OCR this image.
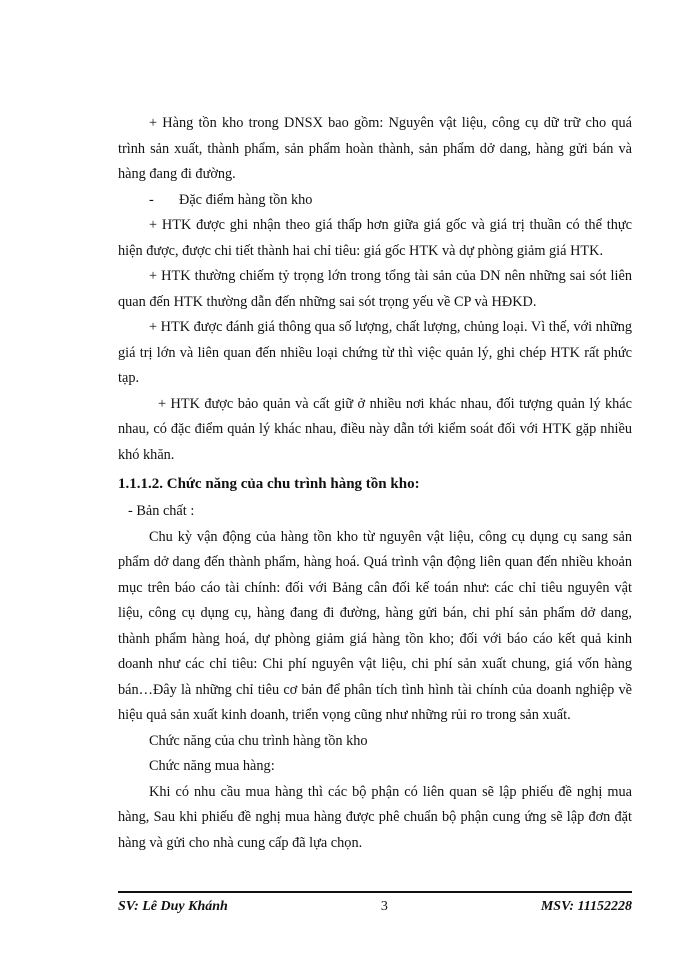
+ Hàng tồn kho trong DNSX bao gồm: Nguyên vật liệu, công cụ dữ trữ cho quá trình sản xuất, thành phẩm, sản phẩm hoàn thành, sản phẩm dở dang, hàng gửi bán và hàng đang đi đường.

- Đặc điểm hàng tồn kho

+ HTK được ghi nhận theo giá thấp hơn giữa giá gốc và giá trị thuần có thể thực hiện được, được chi tiết thành hai chỉ tiêu: giá gốc HTK và dự phòng giảm giá HTK.

+ HTK thường chiếm tỷ trọng lớn trong tổng tài sản của DN nên những sai sót liên quan đến HTK thường dẫn đến những sai sót trọng yếu về CP và HĐKD.

+ HTK được đánh giá thông qua số lượng, chất lượng, chủng loại. Vì thế, với những giá trị lớn và liên quan đến nhiều loại chứng từ thì việc quản lý, ghi chép HTK rất phức tạp.

+ HTK được bảo quản và cất giữ ở nhiều nơi khác nhau, đối tượng quản lý khác nhau, có đặc điểm quản lý khác nhau, điều này dẫn tới kiểm soát đối với HTK gặp nhiều khó khăn.

1.1.1.2. Chức năng của chu trình hàng tồn kho:

- Bản chất :

Chu kỳ vận động của hàng tồn kho từ nguyên vật liệu, công cụ dụng cụ sang sản phẩm dở dang đến thành phẩm, hàng hoá. Quá trình vận động liên quan đến nhiều khoản mục trên báo cáo tài chính: đối với Bảng cân đối kế toán như: các chỉ tiêu nguyên vật liệu, công cụ dụng cụ, hàng đang đi đường, hàng gửi bán, chi phí sản phẩm dở dang, thành phẩm hàng hoá, dự phòng giảm giá hàng tồn kho; đối với báo cáo kết quả kinh doanh như các chỉ tiêu: Chi phí nguyên vật liệu, chi phí sản xuất chung, giá vốn hàng bán…Đây là những chỉ tiêu cơ bản để phân tích tình hình tài chính của doanh nghiệp về hiệu quả sản xuất kinh doanh, triển vọng cũng như những rủi ro trong sản xuất.

Chức năng của chu trình hàng tồn kho

Chức năng mua hàng:

Khi có nhu cầu mua hàng thì các bộ phận có liên quan sẽ lập phiếu đề nghị mua hàng, Sau khi phiếu đề nghị mua hàng được phê chuẩn bộ phận cung ứng sẽ lập đơn đặt hàng và gửi cho nhà cung cấp đã lựa chọn.

SV: Lê Duy Khánh	3	MSV: 11152228
